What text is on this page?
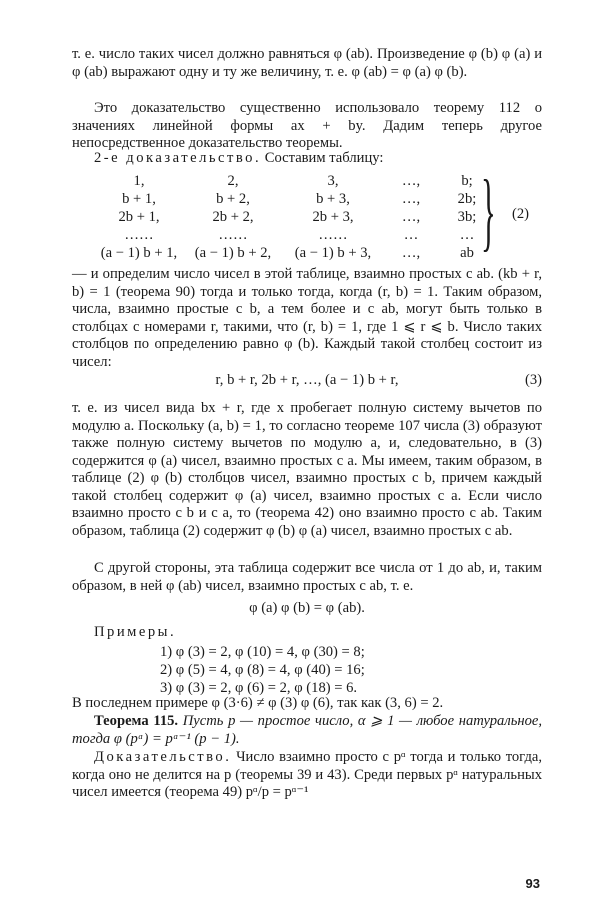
т. е. число таких чисел должно равняться φ (ab). Произведение φ (b) φ (a) и φ (ab) выражают одну и ту же величину, т. е. φ (ab) = φ (a) φ (b).

Это доказательство существенно использовало теорему 112 о значениях линейной формы ax + by. Дадим теперь другое непосредственное доказательство теоремы.

2-е доказательство. Составим таблицу:

1,	2,	3,	…,	b;
b + 1,	b + 2,	b + 3,	…,	2b;
2b + 1,	2b + 2,	2b + 3,	…,	3b;
……	……	……	…	…
(a − 1) b + 1,	(a − 1) b + 2,	(a − 1) b + 3,	…,	ab } (2)

— и определим число чисел в этой таблице, взаимно простых с ab. (kb + r, b) = 1 (теорема 90) тогда и только тогда, когда (r, b) = 1. Таким образом, числа, взаимно простые с b, а тем более и с ab, могут быть только в столбцах с номерами r, такими, что (r, b) = 1, где 1 ⩽ r ⩽ b. Число таких столбцов по определению равно φ (b). Каждый такой столбец состоит из чисел:

r, b + r, 2b + r, …, (a − 1) b + r,	(3)

т. е. из чисел вида bx + r, где x пробегает полную систему вычетов по модулю a. Поскольку (a, b) = 1, то согласно теореме 107 числа (3) образуют также полную систему вычетов по модулю a, и, следовательно, в (3) содержится φ (a) чисел, взаимно простых с a. Мы имеем, таким образом, в таблице (2) φ (b) столбцов чисел, взаимно простых с b, причем каждый такой столбец содержит φ (a) чисел, взаимно простых с a. Если число взаимно просто с b и с a, то (теорема 42) оно взаимно просто с ab. Таким образом, таблица (2) содержит φ (b) φ (a) чисел, взаимно простых с ab.

С другой стороны, эта таблица содержит все числа от 1 до ab, и, таким образом, в ней φ (ab) чисел, взаимно простых с ab, т. е.

φ (a) φ (b) = φ (ab).

Примеры.

1) φ (3) = 2, φ (10) = 4, φ (30) = 8;
2) φ (5) = 4, φ (8) = 4, φ (40) = 16;
3) φ (3) = 2, φ (6) = 2, φ (18) = 6.

В последнем примере φ (3·6) ≠ φ (3) φ (6), так как (3, 6) = 2.

Теорема 115. Пусть p — простое число, α ⩾ 1 — любое натуральное, тогда φ (pᵅ) = pᵅ⁻¹ (p − 1).

Доказательство. Число взаимно просто с pᵅ тогда и только тогда, когда оно не делится на p (теоремы 39 и 43). Среди первых pᵅ натуральных чисел имеется (теорема 49) pᵅ/p = pᵅ⁻¹

93
